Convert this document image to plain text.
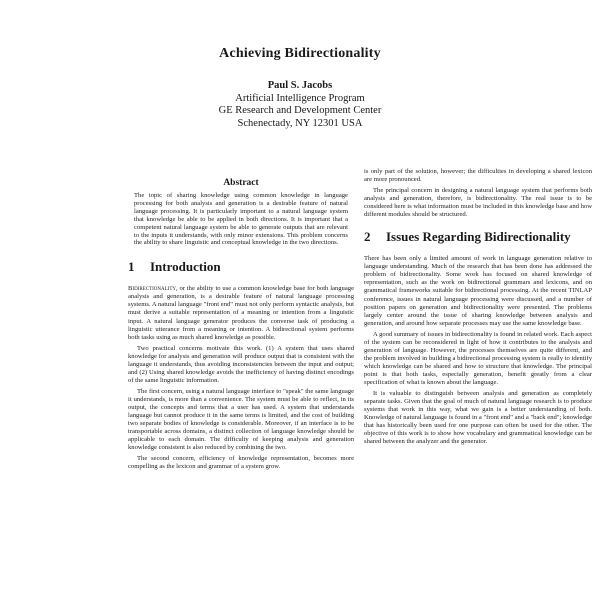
Achieving Bidirectionality
Paul S. Jacobs
Artificial Intelligence Program
GE Research and Development Center
Schenectady, NY 12301 USA
Abstract

The topic of sharing knowledge using common knowledge in language processing for both analysis and generation is a desirable feature of natural language processing. It is particularly important to a natural language system that knowledge be able to be applied in both directions. It is important that a competent natural language system be able to generate outputs that are relevant to the inputs it understands, with only minor extensions. This problem concerns the ability to share linguistic and conceptual knowledge in the two directions.

1 Introduction

Bidirectionality, or the ability to use a common knowledge base for both language analysis and generation, is a desirable feature of natural language processing systems. A natural language "front end" must not only perform syntactic analysis, but must derive a suitable representation of a meaning or intention from a linguistic input. A natural language generator produces the converse task of producing a linguistic utterance from a meaning or intention. A bidirectional system performs both tasks using as much shared knowledge as possible.

Two practical concerns motivate this work. (1) A system that uses shared knowledge for analysis and generation will produce output that is consistent with the language it understands, thus avoiding inconsistencies between the input and output; and (2) Using shared knowledge avoids the inefficiency of having distinct encodings of the same linguistic information.

The first concern, using a natural language interface to "speak" the same language it understands, is more than a convenience. The system must be able to reflect, in its output, the concepts and terms that a user has used. A system that understands language but cannot produce it in the same terms is limited, and the cost of building two separate bodies of knowledge is considerable. Moreover, if an interface is to be transportable across domains, a distinct collection of language knowledge should be applicable to each domain. The difficulty of keeping analysis and generation knowledge consistent is also reduced by combining the two.

The second concern, efficiency of knowledge representation, becomes more compelling as the lexicon and grammar of a system grow.

is only part of the solution, however; the difficulties in developing a shared lexicon are more pronounced.

The principal concern in designing a natural language system that performs both analysis and generation, therefore, is bidirectionality. The real issue is to be considered here is what information must be included in this knowledge base and how different modules should be structured.

2 Issues Regarding Bidirectionality

There has been only a limited amount of work in language generation relative to language understanding. Much of the research that has been done has addressed the problem of bidirectionality. Some work has focused on shared knowledge of representation, such as the work on bidirectional grammars and lexicons, and on grammatical frameworks suitable for bidirectional processing. At the recent TINLAP conference, issues in natural language processing were discussed, and a number of position papers on generation and bidirectionality were presented. The problems largely center around the issue of sharing knowledge between analysis and generation, and around how separate processes may use the same knowledge base.

A good summary of issues in bidirectionality is found in related work. Each aspect of the system can be reconsidered in light of how it contributes to the analysis and generation of language. However, the processes themselves are quite different, and the problem involved in building a bidirectional processing system is really to identify which knowledge can be shared and how to structure that knowledge. The principal point is that both tasks, especially generation, benefit greatly from a clear specification of what is known about the language.

It is valuable to distinguish between analysis and generation as completely separate tasks. Given that the goal of much of natural language research is to produce systems that work in this way, what we gain is a better understanding of both. Knowledge of natural language is found in a "front end" and a "back end"; knowledge that has historically been used for one purpose can often be used for the other. The objective of this work is to show how vocabulary and grammatical knowledge can be shared between the analyzer and the generator.
